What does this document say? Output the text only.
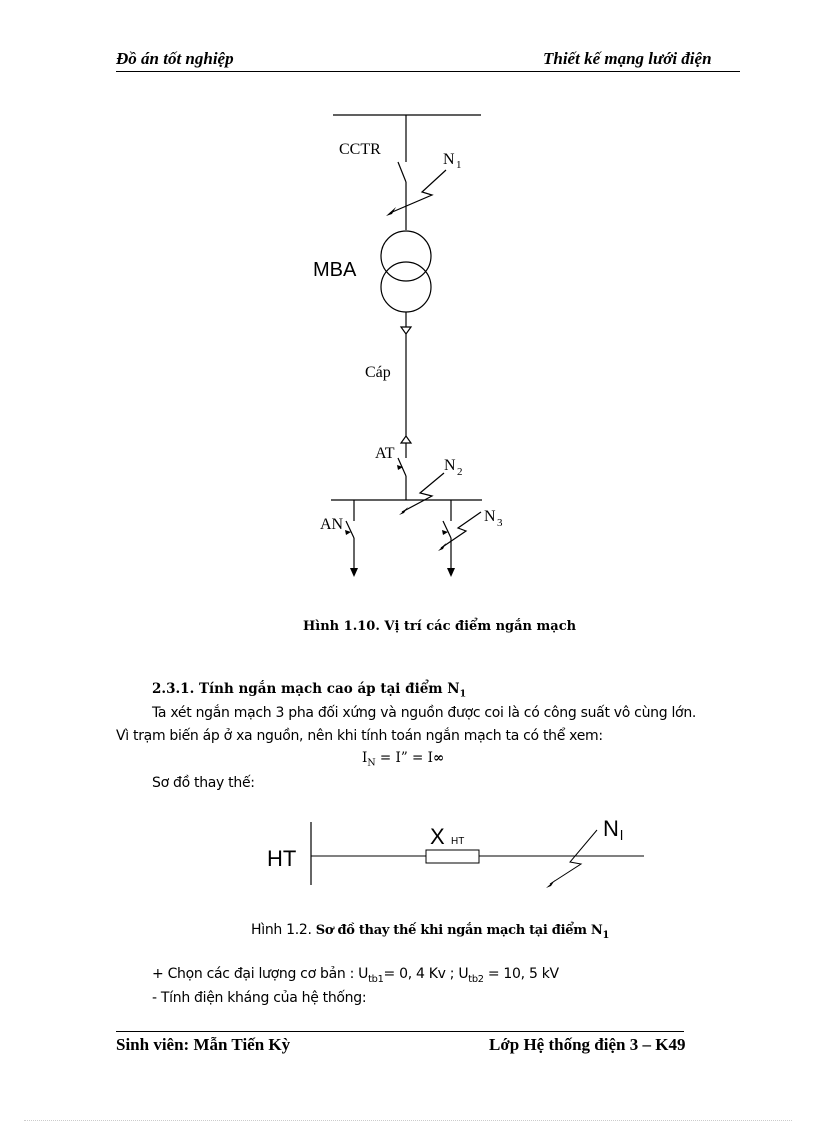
Đồ án tốt nghiệp	Thiết kế mạng lưới điện
CCTR
N 1
MBA
Cáp
AT
N 2
AN	N 3
Hình 1.10. Vị trí các điểm ngắn mạch
2.3.1. Tính ngắn mạch cao áp tại điểm $N_1$
Ta xét ngắn mạch 3 pha đối xứng và nguồn được coi là có công suất vô cùng lớn.
Vì trạm biến áp ở xa nguồn, nên khi tính toán ngắn mạch ta có thể xem:
$I_N = I$” = I∞
Sơ đồ thay thế:
HT
X HT
N l
Hình 1.2. Sơ đồ thay thế khi ngắn mạch tại điểm $N_1$
+ Chọn các đại lượng cơ bản : $U_{tb1}= 0$, 4 Kv ; $U_{tb2} = 10$, 5 kV
- Tính điện kháng của hệ thống:
Sinh viên: Mẫn Tiến Kỳ	Lớp Hệ thống điện 3 – K49
